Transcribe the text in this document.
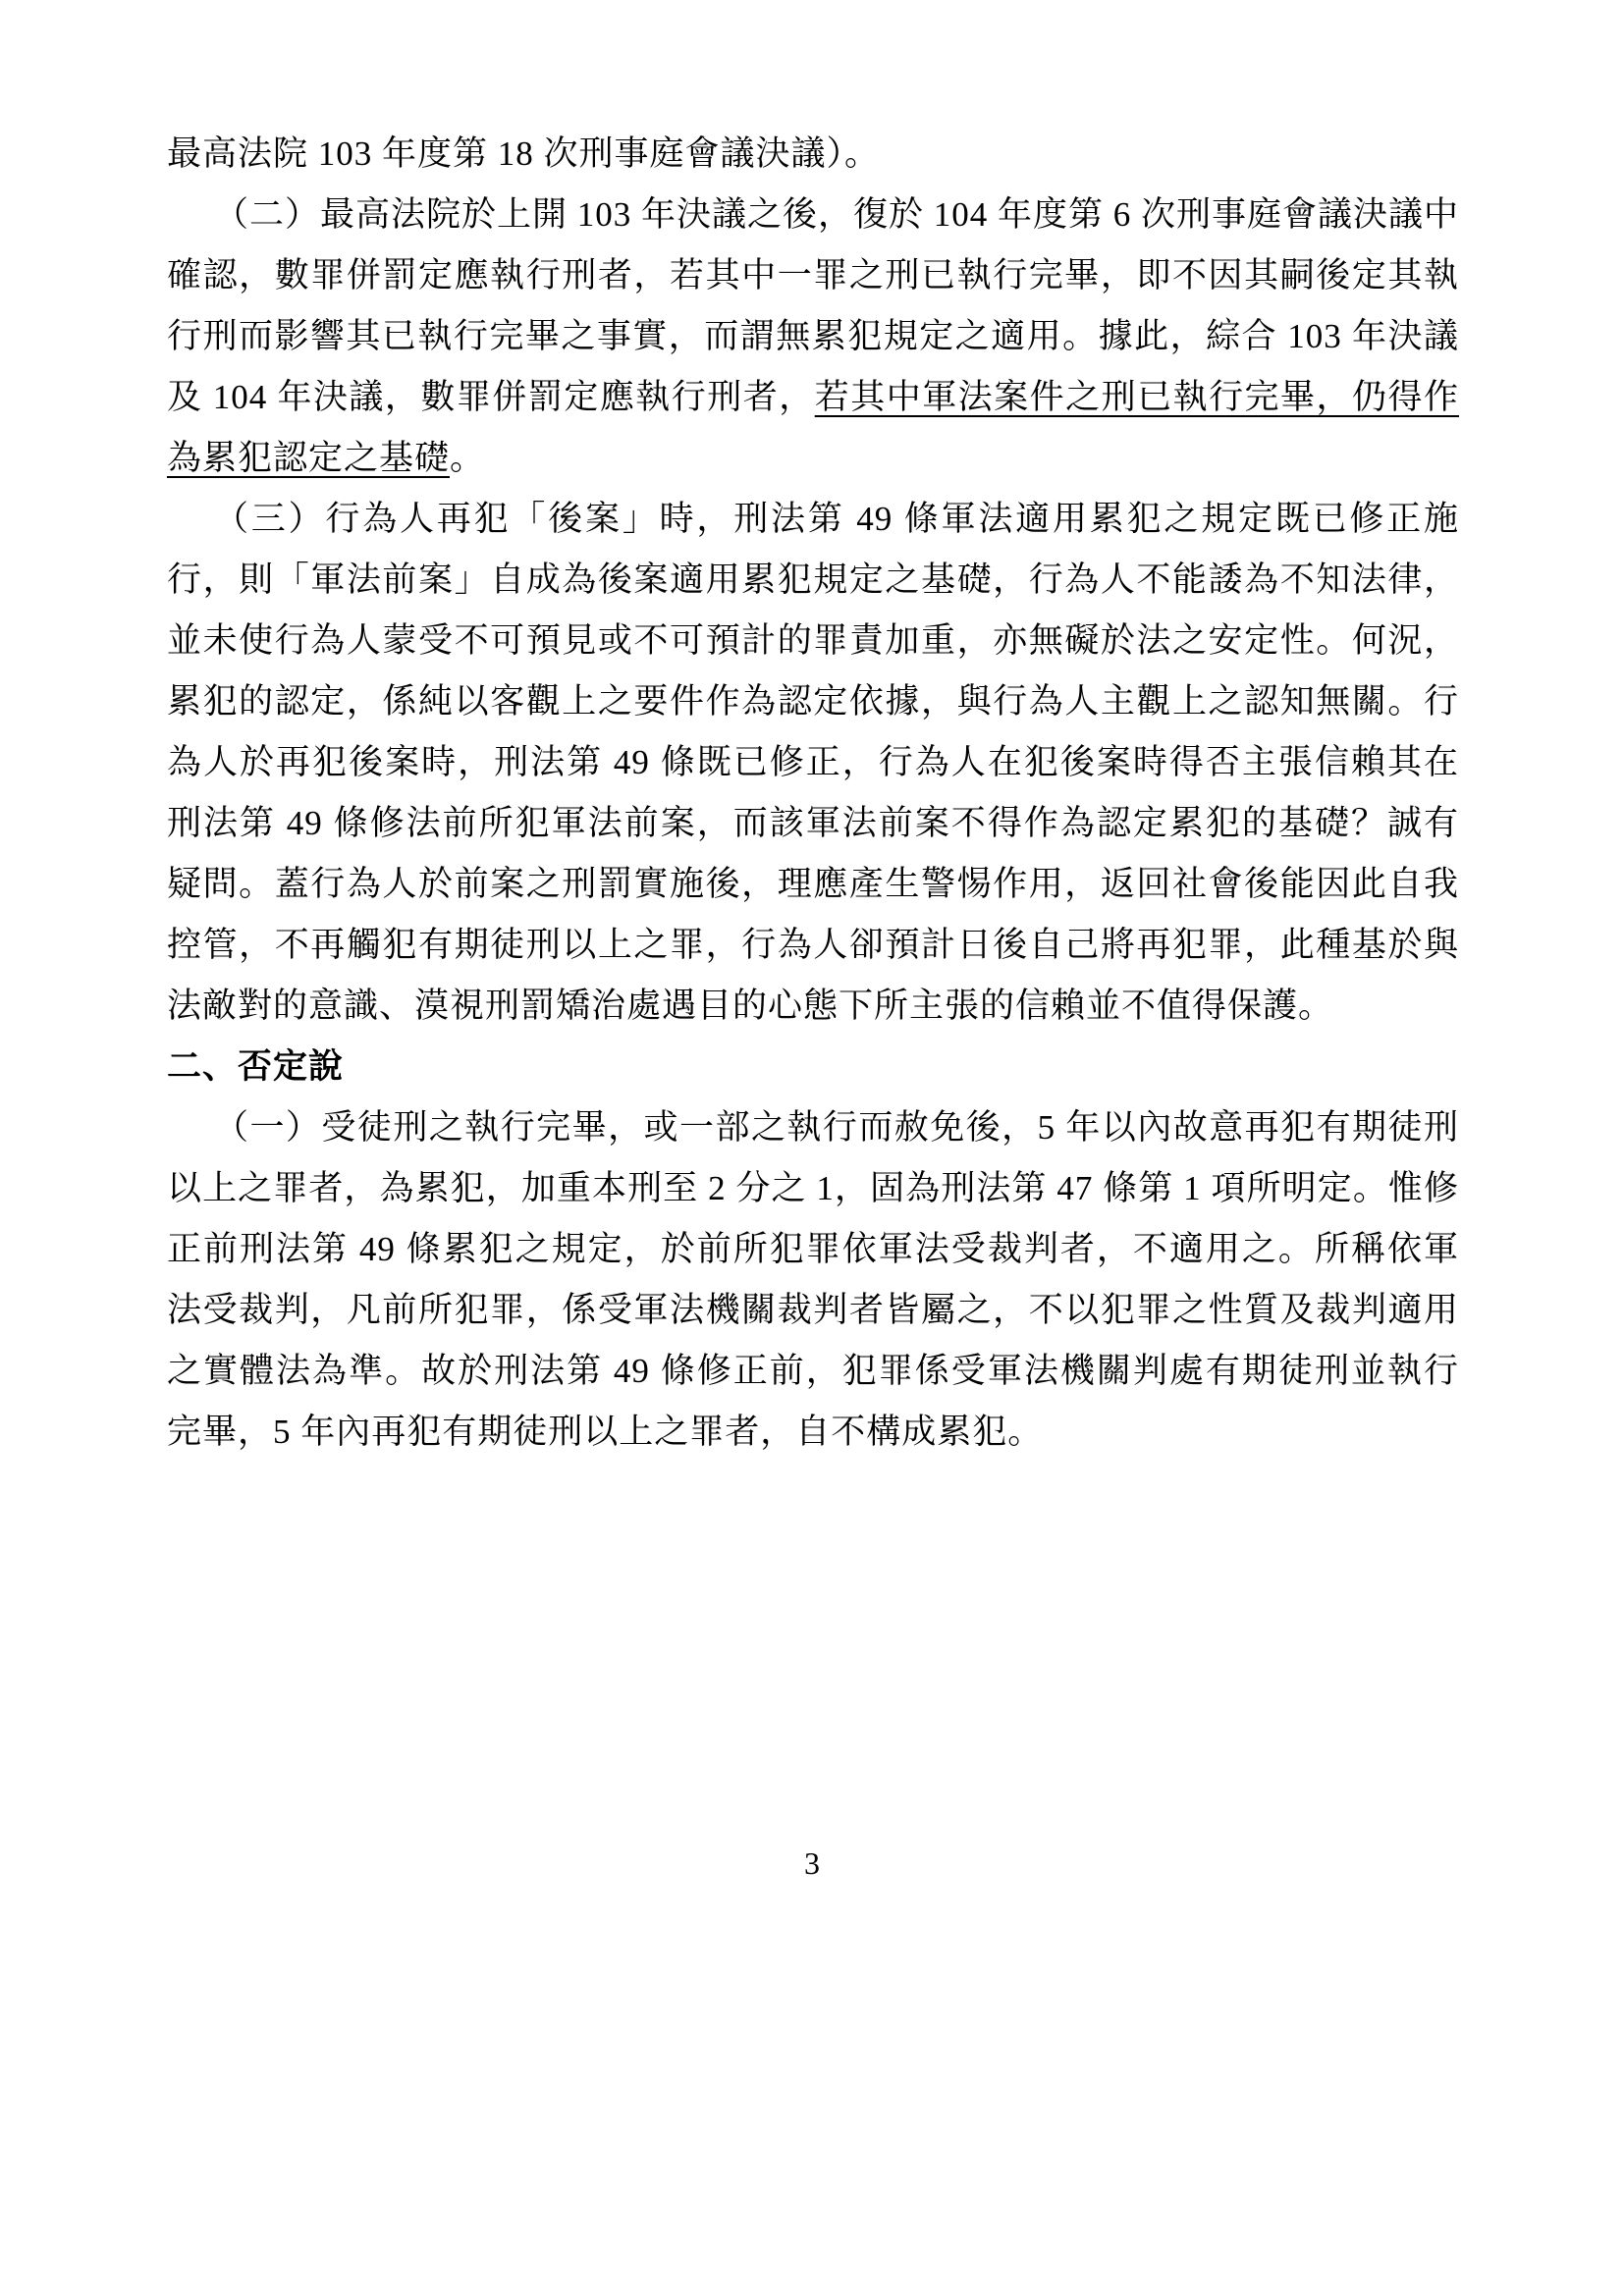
最高法院 103 年度第 18 次刑事庭會議決議）。

（二）最高法院於上開 103 年決議之後，復於 104 年度第 6 次刑事庭會議決議中確認，數罪併罰定應執行刑者，若其中一罪之刑已執行完畢，即不因其嗣後定其執行刑而影響其已執行完畢之事實，而謂無累犯規定之適用。據此，綜合 103 年決議及 104 年決議，數罪併罰定應執行刑者，若其中軍法案件之刑已執行完畢，仍得作為累犯認定之基礎。

（三）行為人再犯「後案」時，刑法第 49 條軍法適用累犯之規定既已修正施行，則「軍法前案」自成為後案適用累犯規定之基礎，行為人不能諉為不知法律，並未使行為人蒙受不可預見或不可預計的罪責加重，亦無礙於法之安定性。何況，累犯的認定，係純以客觀上之要件作為認定依據，與行為人主觀上之認知無關。行為人於再犯後案時，刑法第 49 條既已修正，行為人在犯後案時得否主張信賴其在刑法第 49 條修法前所犯軍法前案，而該軍法前案不得作為認定累犯的基礎？誠有疑問。蓋行為人於前案之刑罰實施後，理應產生警惕作用，返回社會後能因此自我控管，不再觸犯有期徒刑以上之罪，行為人卻預計日後自己將再犯罪，此種基於與法敵對的意識、漠視刑罰矯治處遇目的心態下所主張的信賴並不值得保護。

二、否定說

（一）受徒刑之執行完畢，或一部之執行而赦免後，5 年以內故意再犯有期徒刑以上之罪者，為累犯，加重本刑至 2 分之 1，固為刑法第 47 條第 1 項所明定。惟修正前刑法第 49 條累犯之規定，於前所犯罪依軍法受裁判者，不適用之。所稱依軍法受裁判，凡前所犯罪，係受軍法機關裁判者皆屬之，不以犯罪之性質及裁判適用之實體法為準。故於刑法第 49 條修正前，犯罪係受軍法機關判處有期徒刑並執行完畢，5 年內再犯有期徒刑以上之罪者，自不構成累犯。

3
